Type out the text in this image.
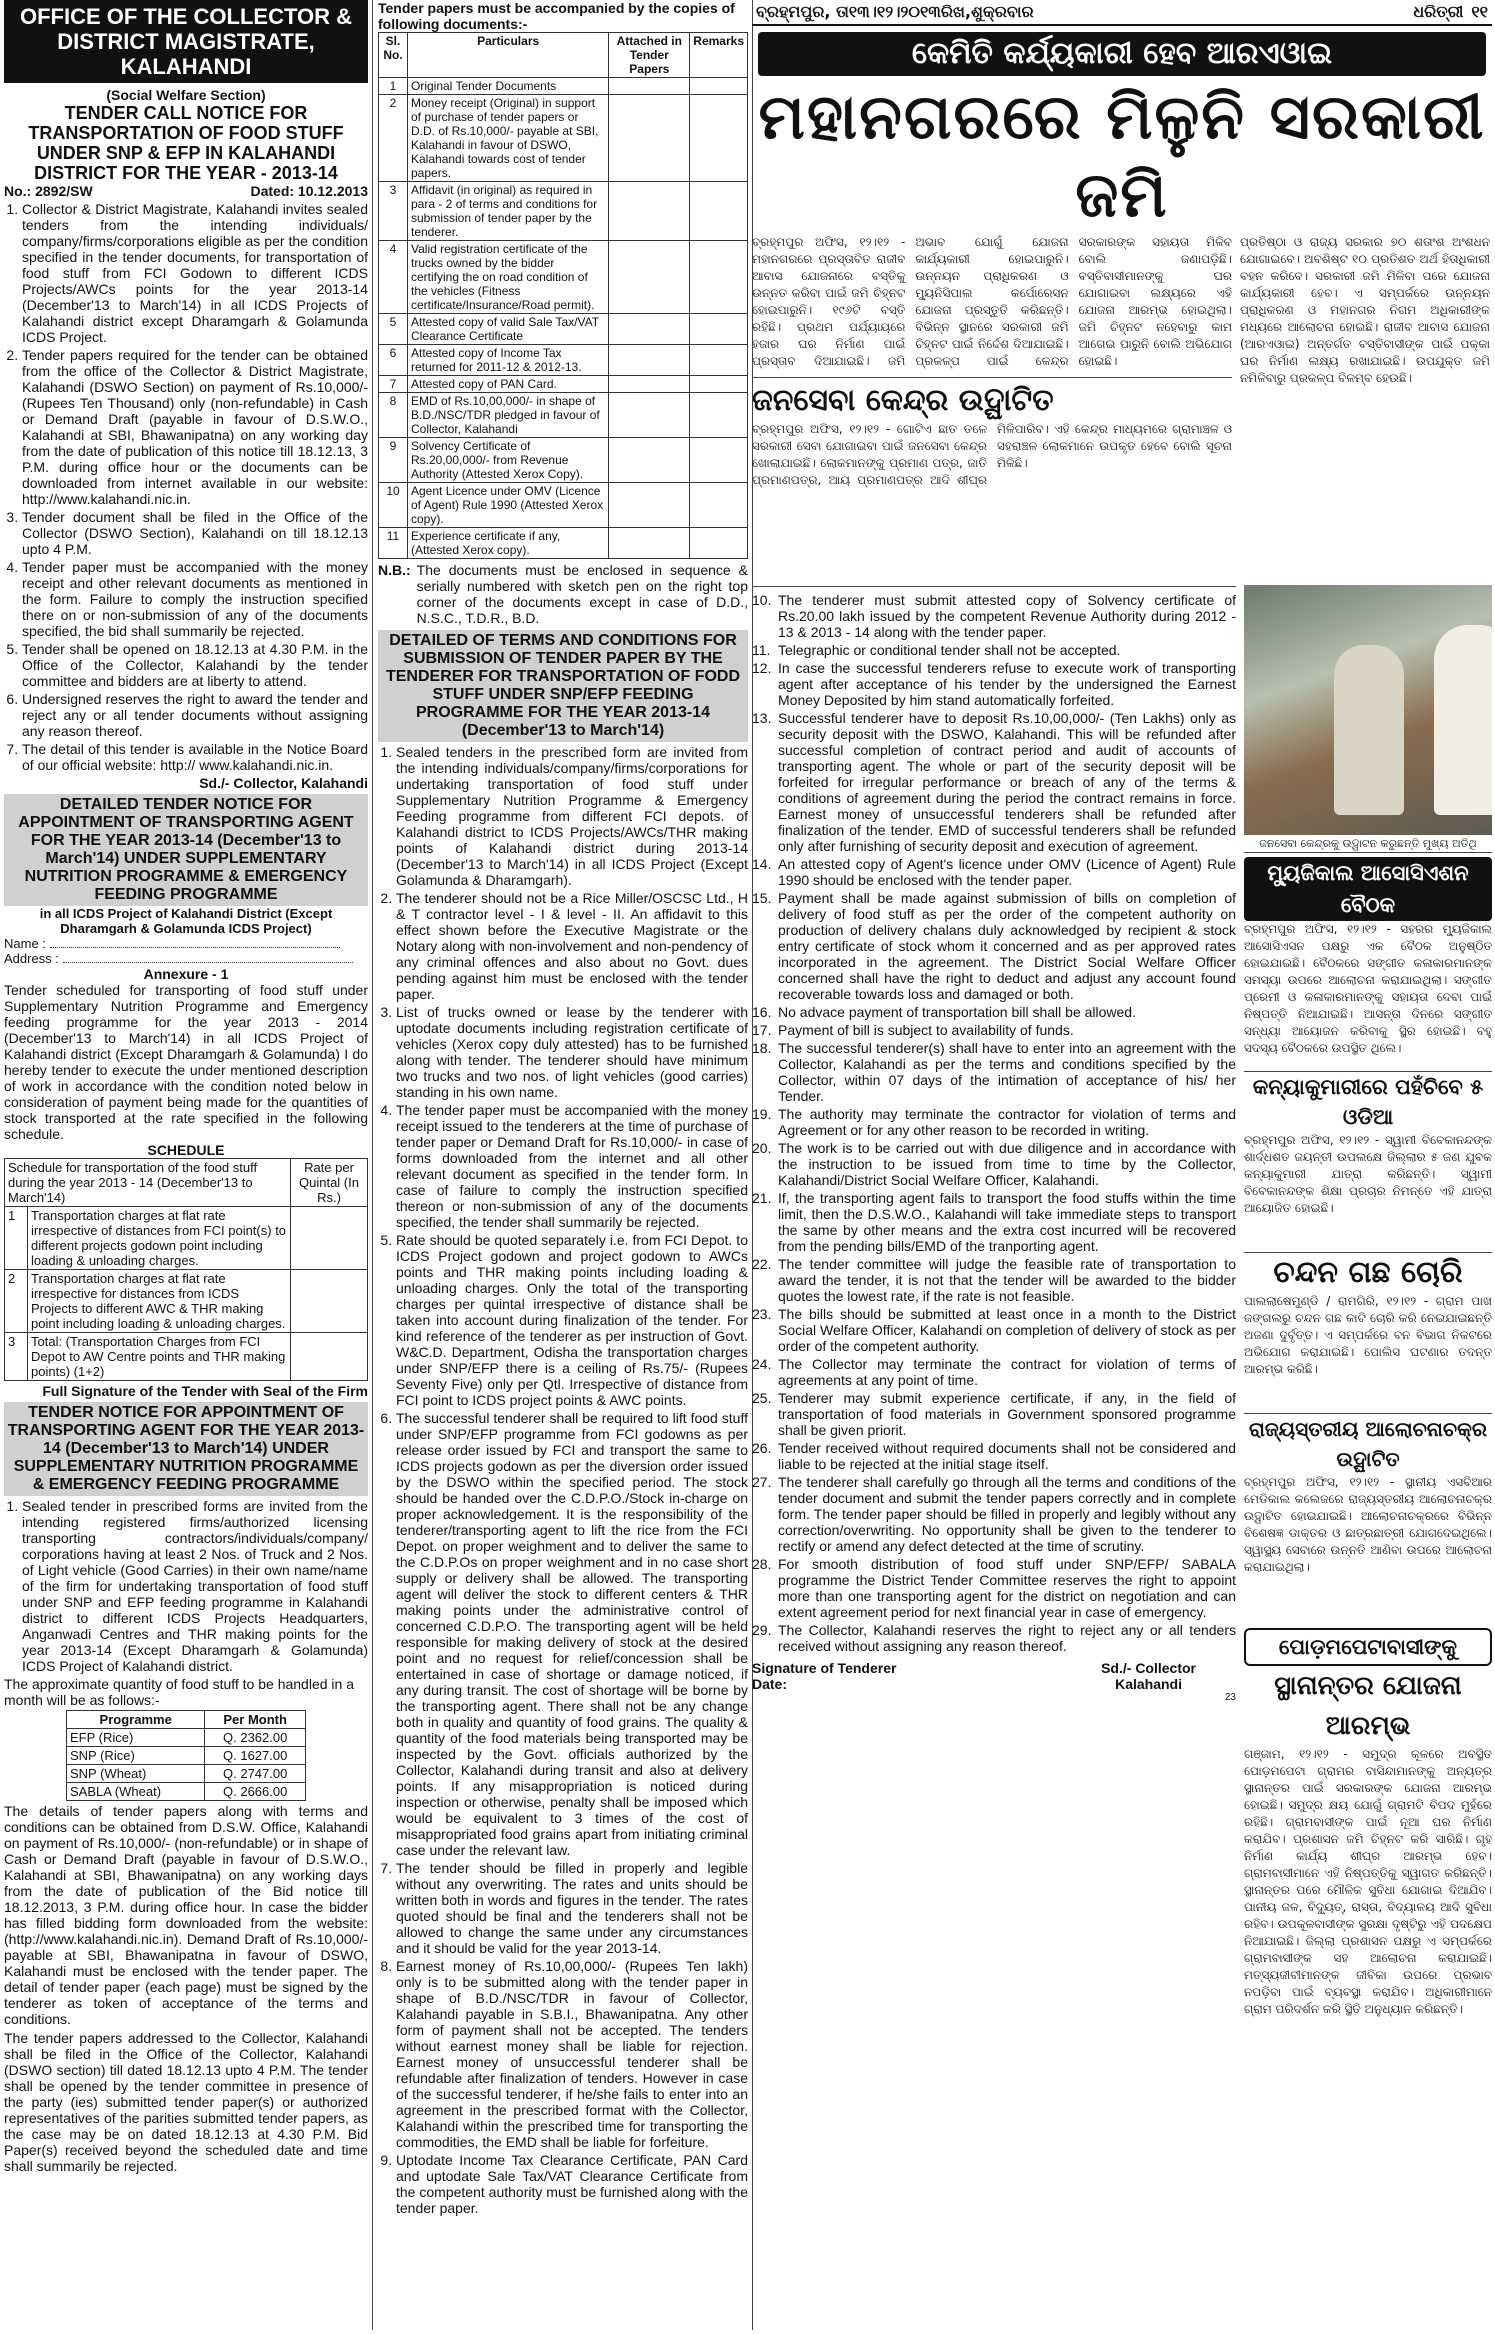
OFFICE OF THE COLLECTOR & DISTRICT MAGISTRATE, KALAHANDI
(Social Welfare Section)
TENDER CALL NOTICE FOR TRANSPORTATION OF FOOD STUFF UNDER SNP & EFP IN KALAHANDI DISTRICT FOR THE YEAR - 2013-14
No.: 2892/SW	Dated: 10.12.2013
1. Collector & District Magistrate, Kalahandi invites sealed tenders from the intending individuals/ company/firms/corporations eligible as per the condition specified in the tender documents, for transportation of food stuff from FCI Godown to different ICDS Projects/AWCs points for the year 2013-14 (December'13 to March'14) in all ICDS Projects of Kalahandi district except Dharamgarh & Golamunda ICDS Project.
2. Tender papers required for the tender can be obtained from the office of the Collector & District Magistrate, Kalahandi (DSWO Section) on payment of Rs.10,000/- (Rupees Ten Thousand) only (non-refundable) in Cash or Demand Draft (payable in favour of D.S.W.O., Kalahandi at SBI, Bhawanipatna) on any working day from the date of publication of this notice till 18.12.13, 3 P.M. during office hour or the documents can be downloaded from internet available in our website: http://www.kalahandi.nic.in.
3. Tender document shall be filed in the Office of the Collector (DSWO Section), Kalahandi on till 18.12.13 upto 4 P.M.
4. Tender paper must be accompanied with the money receipt and other relevant documents as mentioned in the form. Failure to comply the instruction specified there on or non-submission of any of the documents specified, the bid shall summarily be rejected.
5. Tender shall be opened on 18.12.13 at 4.30 P.M. in the Office of the Collector, Kalahandi by the tender committee and bidders are at liberty to attend.
6. Undersigned reserves the right to award the tender and reject any or all tender documents without assigning any reason thereof.
7. The detail of this tender is available in the Notice Board of our official website: http:// www.kalahandi.nic.in.
Sd./- Collector, Kalahandi
DETAILED TENDER NOTICE FOR APPOINTMENT OF TRANSPORTING AGENT FOR THE YEAR 2013-14 (December'13 to March'14) UNDER SUPPLEMENTARY NUTRITION PROGRAMME & EMERGENCY FEEDING PROGRAMME
in all ICDS Project of Kalahandi District (Except Dharamgarh & Golamunda ICDS Project)
Name :
Address :
Annexure - 1
Tender scheduled for transporting of food stuff under Supplementary Nutrition Programme and Emergency feeding programme for the year 2013 - 2014 (December'13 to March'14) in all ICDS Project of Kalahandi district (Except Dharamgarh & Golamunda) I do hereby tender to execute the under mentioned description of work in accordance with the condition noted below in consideration of payment being made for the quantities of stock transported at the rate specified in the following schedule.
SCHEDULE
Schedule for transportation of the food stuff during the year 2013 - 14 (December'13 to March'14)		Rate per Quintal (In Rs.)
1	Transportation charges at flat rate irrespective of distances from FCI point(s) to different projects godown point including loading & unloading charges.	
2	Transportation charges at flat rate irrespective for distances from ICDS Projects to different AWC & THR making point including loading & unloading charges.	
3	Total: (Transportation Charges from FCI Depot to AW Centre points and THR making points) (1+2)	
Full Signature of the Tender with Seal of the Firm
TENDER NOTICE FOR APPOINTMENT OF TRANSPORTING AGENT FOR THE YEAR 2013-14 (December'13 to March'14) UNDER SUPPLEMENTARY NUTRITION PROGRAMME & EMERGENCY FEEDING PROGRAMME
1. Sealed tender in prescribed forms are invited from the intending registered firms/authorized licensing transporting contractors/individuals/company/ corporations having at least 2 Nos. of Truck and 2 Nos. of Light vehicle (Good Carries) in their own name/name of the firm for undertaking transportation of food stuff under SNP and EFP feeding programme in Kalahandi district to different ICDS Projects Headquarters, Anganwadi Centres and THR making points for the year 2013-14 (Except Dharamgarh & Golamunda) ICDS Project of Kalahandi district.
The approximate quantity of food stuff to be handled in a month will be as follows:-
Programme	Per Month
EFP (Rice)	Q. 2362.00
SNP (Rice)	Q. 1627.00
SNP (Wheat)	Q. 2747.00
SABLA (Wheat)	Q. 2666.00
The details of tender papers along with terms and conditions can be obtained from D.S.W. Office, Kalahandi on payment of Rs.10,000/- (non-refundable) or in shape of Cash or Demand Draft (payable in favour of D.S.W.O., Kalahandi at SBI, Bhawanipatna) on any working days from the date of publication of the Bid notice till 18.12.2013, 3 P.M. during office hour. In case the bidder has filled bidding form downloaded from the website: (http://www.kalahandi.nic.in). Demand Draft of Rs.10,000/- payable at SBI, Bhawanipatna in favour of DSWO, Kalahandi must be enclosed with the tender paper. The detail of tender paper (each page) must be signed by the tenderer as token of acceptance of the terms and conditions.
The tender papers addressed to the Collector, Kalahandi shall be filed in the Office of the Collector, Kalahandi (DSWO section) till dated 18.12.13 upto 4 P.M. The tender shall be opened by the tender committee in presence of the party (ies) submitted tender paper(s) or authorized representatives of the parities submitted tender papers, as the case may be on dated 18.12.13 at 4.30 P.M. Bid Paper(s) received beyond the scheduled date and time shall summarily be rejected.
Tender papers must be accompanied by the copies of following documents:-
Sl. No.	Particulars	Attached in Tender Papers	Remarks
1	Original Tender Documents		
2	Money receipt (Original) in support of purchase of tender papers or D.D. of Rs.10,000/- payable at SBI, Kalahandi in favour of DSWO, Kalahandi towards cost of tender papers.		
3	Affidavit (in original) as required in para - 2 of terms and conditions for submission of tender paper by the tenderer.		
4	Valid registration certificate of the trucks owned by the bidder certifying the on road condition of the vehicles (Fitness certificate/Insurance/Road permit).		
5	Attested copy of valid Sale Tax/VAT Clearance Certificate		
6	Attested copy of Income Tax returned for 2011-12 & 2012-13.		
7	Attested copy of PAN Card.		
8	EMD of Rs.10,00,000/- in shape of B.D./NSC/TDR pledged in favour of Collector, Kalahandi		
9	Solvency Certificate of Rs.20,00,000/- from Revenue Authority (Attested Xerox Copy).		
10	Agent Licence under OMV (Licence of Agent) Rule 1990 (Attested Xerox copy).		
11	Experience certificate if any, (Attested Xerox copy).		
N.B.: The documents must be enclosed in sequence & serially numbered with sketch pen on the right top corner of the documents except in case of D.D., N.S.C., T.D.R., B.D.
DETAILED OF TERMS AND CONDITIONS FOR SUBMISSION OF TENDER PAPER BY THE TENDERER FOR TRANSPORTATION OF FODD STUFF UNDER SNP/EFP FEEDING PROGRAMME FOR THE YEAR 2013-14 (December'13 to March'14)
1. Sealed tenders in the prescribed form are invited from the intending individuals/company/firms/corporations for undertaking transportation of food stuff under Supplementary Nutrition Programme & Emergency Feeding programme from different FCI depots. of Kalahandi district to ICDS Projects/AWCs/THR making points of Kalahandi district during 2013-14 (December'13 to March'14) in all ICDS Project (Except Golamunda & Dharamgarh).
2. The tenderer should not be a Rice Miller/OSCSC Ltd., H & T contractor level - I & level - II. An affidavit to this effect shown before the Executive Magistrate or the Notary along with non-involvement and non-pendency of any criminal offences and also about no Govt. dues pending against him must be enclosed with the tender paper.
3. List of trucks owned or lease by the tenderer with uptodate documents including registration certificate of vehicles (Xerox copy duly attested) has to be furnished along with tender. The tenderer should have minimum two trucks and two nos. of light vehicles (good carries) standing in his own name.
4. The tender paper must be accompanied with the money receipt issued to the tenderers at the time of purchase of tender paper or Demand Draft for Rs.10,000/- in case of forms downloaded from the internet and all other relevant document as specified in the tender form. In case of failure to comply the instruction specified thereon or non-submission of any of the documents specified, the tender shall summarily be rejected.
5. Rate should be quoted separately i.e. from FCI Depot. to ICDS Project godown and project godown to AWCs points and THR making points including loading & unloading charges. Only the total of the transporting charges per quintal irrespective of distance shall be taken into account during finalization of the tender. For kind reference of the tenderer as per instruction of Govt. W&C.D. Department, Odisha the transportation charges under SNP/EFP there is a ceiling of Rs.75/- (Rupees Seventy Five) only per Qtl. Irrespective of distance from FCI point to ICDS project points & AWC points.
6. The successful tenderer shall be required to lift food stuff under SNP/EFP programme from FCI godowns as per release order issued by FCI and transport the same to ICDS projects godown as per the diversion order issued by the DSWO within the specified period. The stock should be handed over the C.D.P.O./Stock in-charge on proper acknowledgement. It is the responsibility of the tenderer/transporting agent to lift the rice from the FCI Depot. on proper weighment and to deliver the same to the C.D.P.Os on proper weighment and in no case short supply or delivery shall be allowed. The transporting agent will deliver the stock to different centers & THR making points under the administrative control of concerned C.D.P.O. The transporting agent will be held responsible for making delivery of stock at the desired point and no request for relief/concession shall be entertained in case of shortage or damage noticed, if any during transit. The cost of shortage will be borne by the transporting agent. There shall not be any change both in quality and quantity of food grains. The quality & quantity of the food materials being transported may be inspected by the Govt. officials authorized by the Collector, Kalahandi during transit and also at delivery points. If any misappropriation is noticed during inspection or otherwise, penalty shall be imposed which would be equivalent to 3 times of the cost of misappropriated food grains apart from initiating criminal case under the relevant law.
7. The tender should be filled in properly and legible without any overwriting. The rates and units should be written both in words and figures in the tender. The rates quoted should be final and the tenderers shall not be allowed to change the same under any circumstances and it should be valid for the year 2013-14.
8. Earnest money of Rs.10,00,000/- (Rupees Ten lakh) only is to be submitted along with the tender paper in shape of B.D./NSC/TDR in favour of Collector, Kalahandi payable in S.B.I., Bhawanipatna. Any other form of payment shall not be accepted. The tenders without earnest money shall be liable for rejection. Earnest money of unsuccessful tenderer shall be refundable after finalization of tenders. However in case of the successful tenderer, if he/she fails to enter into an agreement in the prescribed format with the Collector, Kalahandi within the prescribed time for transporting the commodities, the EMD shall be liable for forfeiture.
9. Uptodate Income Tax Clearance Certificate, PAN Card and uptodate Sale Tax/VAT Clearance Certificate from the competent authority must be furnished along with the tender paper.
ବ୍ରହ୍ମପୁର, ତା୧୩।୧୨।୨୦୧୩ରିଖ,ଶୁକ୍ରବାର	ଧରିତ୍ରୀ ୧୧
କେମିତି କର୍ଯ୍ୟକାରୀ ହେବ ଆରଏଓାଇ
ମହାନଗରରେ ମିଳୁନି ସରକାରୀ ଜମି
ବ୍ରହ୍ମପୁର ଅଫିସ, ୧୨।୧୨ - ମହାନଗରରେ ପ୍ରସ୍ତାବିତ ରାଜୀବ ଆବାସ ଯୋଜନାରେ ବସ୍ତିକୁ ଉନ୍ନତ କରିବା ପାଇଁ ଜମି ଚିହ୍ନଟ ହୋଇପାରୁନି। ୧୯୬ଟି ବସ୍ତି ରହିଛି। ପ୍ରଥମ ପର୍ଯ୍ୟାୟରେ ହଜାର ଘର ନିର୍ମାଣ ପାଇଁ ପ୍ରସ୍ତାବ ଦିଆଯାଇଛି। ଜମି ଅଭାବ ଯୋଗୁଁ ଯୋଜନା କାର୍ଯ୍ୟକାରୀ ହୋଇପାରୁନି। ଉନ୍ନୟନ ପ୍ରାଧିକରଣ ଓ ମ୍ୟୁନିସିପାଲ କର୍ପୋରେସନ ଯୋଜନା ପ୍ରସ୍ତୁତି କରିଛନ୍ତି। ବିଭିନ୍ନ ସ୍ଥାନରେ ସରକାରୀ ଜମି ଚିହ୍ନଟ ପାଇଁ ନିର୍ଦ୍ଦେଶ ଦିଆଯାଇଛି। ପ୍ରକଳ୍ପ ପାଇଁ କେନ୍ଦ୍ର ସରକାରଙ୍କ ସହାୟତା ମିଳିବ ବୋଲି ଜଣାପଡ଼ିଛି। ବସ୍ତିବାସୀମାନଙ୍କୁ ଘର ଯୋଗାଇବା ଲକ୍ଷ୍ୟରେ ଏହି ଯୋଜନା ଆରମ୍ଭ ହୋଇଥିଲା। ଜମି ଚିହ୍ନଟ ନହେବାରୁ କାମ ଆଗେଇ ପାରୁନି ବୋଲି ଅଭିଯୋଗ ହୋଇଛି।
ଜନସେବା କେନ୍ଦ୍ର ଉଦ୍ଘାଟିତ
ବ୍ରହ୍ମପୁର ଅଫିସ, ୧୨।୧୨ - ଗୋଟିଏ ଛାତ ତଳେ ସରକାରୀ ସେବା ଯୋଗାଇବା ପାଇଁ ଜନସେବା କେନ୍ଦ୍ର ଖୋଲାଯାଇଛି। ଲୋକମାନଙ୍କୁ ପ୍ରମାଣ ପତ୍ର, ଜାତି ପ୍ରମାଣପତ୍ର, ଆୟ ପ୍ରମାଣପତ୍ର ଆଦି ଶୀଘ୍ର ମିଳିପାରିବ। ଏହି କେନ୍ଦ୍ର ମାଧ୍ୟମରେ ଗ୍ରାମାଞ୍ଚଳ ଓ ସହରାଞ୍ଚଳ ଲୋକମାନେ ଉପକୃତ ହେବେ ବୋଲି ସୂଚନା ମିଳିଛି।
ପ୍ରତିଷ୍ଠା ଓ ରାଜ୍ୟ ସରକାର ୭୦ ଶତାଂଶ ଅଂଶଧନ ଯୋଗାଇବେ। ଅବଶିଷ୍ଟ ୧୦ ପ୍ରତିଶତ ଅର୍ଥ ହିତାଧିକାରୀ ବହନ କରିବେ। ସରକାରୀ ଜମି ମିଳିବା ପରେ ଯୋଜନା କାର୍ଯ୍ୟକାରୀ ହେବ। ଏ ସମ୍ପର୍କରେ ଉନ୍ନୟନ ପ୍ରାଧିକରଣ ଓ ମହାନଗର ନିଗମ ଅଧିକାରୀଙ୍କ ମଧ୍ୟରେ ଆଲୋଚନା ହୋଇଛି। ରାଜୀବ ଆବାସ ଯୋଜନା (ଆରଏଓାଇ) ଅନ୍ତର୍ଗତ ବସ୍ତିବାସୀଙ୍କ ପାଇଁ ପକ୍କା ଘର ନିର୍ମାଣ ଲକ୍ଷ୍ୟ ରଖାଯାଇଛି। ଉପଯୁକ୍ତ ଜମି ନମିଳିବାରୁ ପ୍ରକଳ୍ପ ବିଳମ୍ବ ହେଉଛି।
10. The tenderer must submit attested copy of Solvency certificate of Rs.20.00 lakh issued by the competent Revenue Authority during 2012 - 13 & 2013 - 14 along with the tender paper.
11. Telegraphic or conditional tender shall not be accepted.
12. In case the successful tenderers refuse to execute work of transporting agent after acceptance of his tender by the undersigned the Earnest Money Deposited by him stand automatically forfeited.
13. Successful tenderer have to deposit Rs.10,00,000/- (Ten Lakhs) only as security deposit with the DSWO, Kalahandi. This will be refunded after successful completion of contract period and audit of accounts of transporting agent. The whole or part of the security deposit will be forfeited for irregular performance or breach of any of the terms & conditions of agreement during the period the contract remains in force. Earnest money of unsuccessful tenderers shall be refunded after finalization of the tender. EMD of successful tenderers shall be refunded only after furnishing of security deposit and execution of agreement.
14. An attested copy of Agent's licence under OMV (Licence of Agent) Rule 1990 should be enclosed with the tender paper.
15. Payment shall be made against submission of bills on completion of delivery of food stuff as per the order of the competent authority on production of delivery chalans duly acknowledged by recipient & stock entry certificate of stock whom it concerned and as per approved rates incorporated in the agreement. The District Social Welfare Officer concerned shall have the right to deduct and adjust any account found recoverable towards loss and damaged or both.
16. No advace payment of transportation bill shall be allowed.
17. Payment of bill is subject to availability of funds.
18. The successful tenderer(s) shall have to enter into an agreement with the Collector, Kalahandi as per the terms and conditions specified by the Collector, within 07 days of the intimation of acceptance of his/ her Tender.
19. The authority may terminate the contractor for violation of terms and Agreement or for any other reason to be recorded in writing.
20. The work is to be carried out with due diligence and in accordance with the instruction to be issued from time to time by the Collector, Kalahandi/District Social Welfare Officer, Kalahandi.
21. If, the transporting agent fails to transport the food stuffs within the time limit, then the D.S.W.O., Kalahandi will take immediate steps to transport the same by other means and the extra cost incurred will be recovered from the pending bills/EMD of the tranporting agent.
22. The tender committee will judge the feasible rate of transportation to award the tender, it is not that the tender will be awarded to the bidder quotes the lowest rate, if the rate is not feasible.
23. The bills should be submitted at least once in a month to the District Social Welfare Officer, Kalahandi on completion of delivery of stock as per order of the competent authority.
24. The Collector may terminate the contract for violation of terms of agreements at any point of time.
25. Tenderer may submit experience certificate, if any, in the field of transportation of food materials in Government sponsored programme shall be given priorit.
26. Tender received without required documents shall not be considered and liable to be rejected at the initial stage itself.
27. The tenderer shall carefully go through all the terms and conditions of the tender document and submit the tender papers correctly and in complete form. The tender paper should be filled in properly and legibly without any correction/overwriting. No opportunity shall be given to the tenderer to rectify or amend any defect detected at the time of scrutiny.
28. For smooth distribution of food stuff under SNP/EFP/ SABALA programme the District Tender Committee reserves the right to appoint more than one transporting agent for the district on negotiation and can extent agreement period for next financial year in case of emergency.
29. The Collector, Kalahandi reserves the right to reject any or all tenders received without assigning any reason thereof.
Signature of Tenderer
Date:
Sd./- Collector
Kalahandi
23
ଜନସେବା କେନ୍ଦ୍ରକୁ ଉଦ୍ଘାଟନ କରୁଛନ୍ତି ମୁଖ୍ୟ ଅତିଥି
ମ୍ୟୁଜିକାଲ ଆସୋସିଏଶନ ବୈଠକ
ବ୍ରହ୍ମପୁର ଅଫିସ, ୧୨।୧୨ - ସହରର ମ୍ୟୁଜିକାଲ ଆସୋସିଏସନ ପକ୍ଷରୁ ଏକ ବୈଠକ ଅନୁଷ୍ଠିତ ହୋଇଯାଇଛି। ବୈଠକରେ ସଙ୍ଗୀତ କଳାକାରମାନଙ୍କ ସମସ୍ୟା ଉପରେ ଆଲୋଚନା କରାଯାଇଥିଲା। ସଙ୍ଗୀତ ପ୍ରେମୀ ଓ କଳାକାରମାନଙ୍କୁ ସହାୟତା ଦେବା ପାଇଁ ନିଷ୍ପତ୍ତି ନିଆଯାଇଛି। ଆସନ୍ତା ଦିନରେ ସଙ୍ଗୀତ ସନ୍ଧ୍ୟା ଆୟୋଜନ କରିବାକୁ ସ୍ଥିର ହୋଇଛି। ବହୁ ସଦସ୍ୟ ବୈଠକରେ ଉପସ୍ଥିତ ଥିଲେ।
କନ୍ୟାକୁମାରୀରେ ପହଁଚିବେ ୫ ଓଡିଆ
ବ୍ରହ୍ମପୁର ଅଫିସ, ୧୨।୧୨ - ସ୍ୱାମୀ ବିବେକାନନ୍ଦଙ୍କ ଶାର୍ଦ୍ଧଶତ ଜୟନ୍ତୀ ଉପଲକ୍ଷେ ଜିଲ୍ଲାର ୫ ଜଣ ଯୁବକ କନ୍ୟାକୁମାରୀ ଯାତ୍ରା କରିଛନ୍ତି। ସ୍ୱାମୀ ବିବେକାନନ୍ଦଙ୍କ ଶିକ୍ଷା ପ୍ରଚାର ନିମନ୍ତେ ଏହି ଯାତ୍ରା ଆୟୋଜିତ ହୋଇଛି।
ଚନ୍ଦନ ଗଛ ଚୋରି
ପାଲଲାଷେମୁଣ୍ଡି / ରାମଗିରି, ୧୨।୧୨ - ଗ୍ରାମ ପାଖ ଜଙ୍ଗଲରୁ ଚନ୍ଦନ ଗଛ କାଟି ଚୋରି କରି ନେଇଯାଇଛନ୍ତି ଅଜଣା ଦୁର୍ବୃତ୍ତ। ଏ ସମ୍ପର୍କରେ ବନ ବିଭାଗ ନିକଟରେ ଅଭିଯୋଗ କରାଯାଇଛି। ପୋଲିସ ଘଟଣାର ତଦନ୍ତ ଆରମ୍ଭ କରିଛି।
ରାଜ୍ୟସ୍ତରୀୟ ଆଲୋଚନାଚକ୍ର ଉଦ୍ଘାଟିତ
ବ୍ରହ୍ମପୁର ଅଫିସ, ୧୨।୧୨ - ସ୍ଥାନୀୟ ଏସବିଆର ମେଡିକାଲ କଲେଜରେ ରାଜ୍ୟସ୍ତରୀୟ ଆଲୋଚନାଚକ୍ର ଉଦ୍ଘାଟିତ ହୋଇଯାଇଛି। ଆଲୋଚନାଚକ୍ରରେ ବିଭିନ୍ନ ବିଶେଷଜ୍ଞ ଡାକ୍ତର ଓ ଛାତ୍ରଛାତ୍ରୀ ଯୋଗଦେଇଥିଲେ। ସ୍ୱାସ୍ଥ୍ୟ ସେବାରେ ଉନ୍ନତି ଆଣିବା ଉପରେ ଆଲୋଚନା କରାଯାଇଥିଲା।
ପୋଡ଼ମପେଟାବାସୀଙ୍କୁ
ସ୍ଥାନାନ୍ତର ଯୋଜନା ଆରମ୍ଭ
ଗଞ୍ଜାମ, ୧୨।୧୨ - ସମୁଦ୍ର କୂଳରେ ଅବସ୍ଥିତ ପୋଡ଼ମପେଟା ଗ୍ରାମର ବାସିନ୍ଦାମାନଙ୍କୁ ଅନ୍ୟତ୍ର ସ୍ଥାନାନ୍ତର ପାଇଁ ସରକାରଙ୍କ ଯୋଜନା ଆରମ୍ଭ ହୋଇଛି। ସମୁଦ୍ର କ୍ଷୟ ଯୋଗୁଁ ଗ୍ରାମଟି ବିପଦ ମୁହଁରେ ରହିଛି। ଗ୍ରାମବାସୀଙ୍କ ପାଇଁ ନୂଆ ଘର ନିର୍ମାଣ କରାଯିବ। ପ୍ରଶାସନ ଜମି ଚିହ୍ନଟ କରି ସାରିଛି। ଗୃହ ନିର୍ମାଣ କାର୍ଯ୍ୟ ଶୀଘ୍ର ଆରମ୍ଭ ହେବ। ଗ୍ରାମବାସୀମାନେ ଏହି ନିଷ୍ପତ୍ତିକୁ ସ୍ୱାଗତ କରିଛନ୍ତି। ସ୍ଥାନାନ୍ତର ପରେ ମୌଳିକ ସୁବିଧା ଯୋଗାଇ ଦିଆଯିବ। ପାନୀୟ ଜଳ, ବିଦ୍ୟୁତ୍, ରାସ୍ତା, ବିଦ୍ୟାଳୟ ଆଦି ସୁବିଧା ରହିବ। ଉପକୂଳବାସୀଙ୍କ ସୁରକ୍ଷା ଦୃଷ୍ଟିରୁ ଏହି ପଦକ୍ଷେପ ନିଆଯାଇଛି। ଜିଲ୍ଲା ପ୍ରଶାସନ ପକ୍ଷରୁ ଏ ସମ୍ପର୍କରେ ଗ୍ରାମବାସୀଙ୍କ ସହ ଆଲୋଚନା କରାଯାଇଛି। ମତ୍ସ୍ୟଜୀବୀମାନଙ୍କ ଜୀବିକା ଉପରେ ପ୍ରଭାବ ନପଡ଼ିବା ପାଇଁ ବ୍ୟବସ୍ଥା କରାଯିବ। ଅଧିକାରୀମାନେ ଗ୍ରାମ ପରିଦର୍ଶନ କରି ସ୍ଥିତି ଅନୁଧ୍ୟାନ କରିଛନ୍ତି।
